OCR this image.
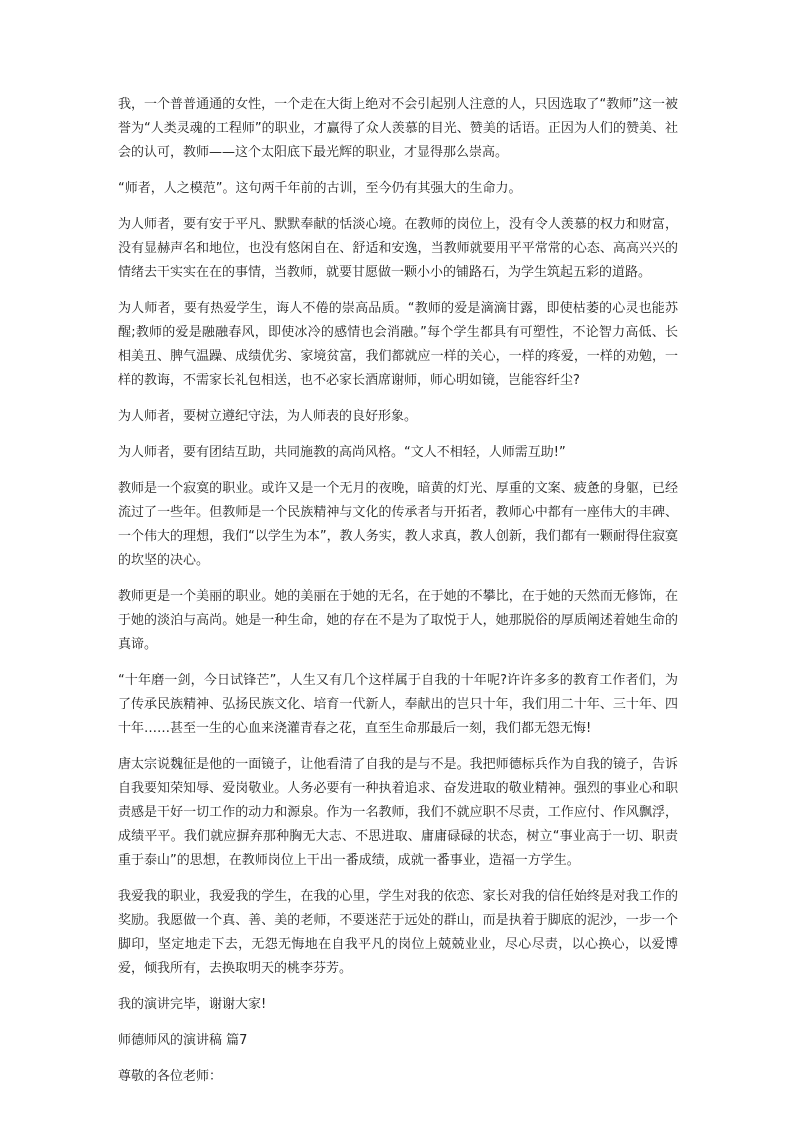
我，一个普普通通的女性，一个走在大街上绝对不会引起别人注意的人，只因选取了“教师”这一被誉为“人类灵魂的工程师”的职业，才赢得了众人羡慕的目光、赞美的话语。正因为人们的赞美、社会的认可，教师——这个太阳底下最光辉的职业，才显得那么崇高。

“师者，人之模范”。这句两千年前的古训，至今仍有其强大的生命力。

为人师者，要有安于平凡、默默奉献的恬淡心境。在教师的岗位上，没有令人羡慕的权力和财富，没有显赫声名和地位，也没有悠闲自在、舒适和安逸，当教师就要用平平常常的心态、高高兴兴的情绪去干实实在在的事情，当教师，就要甘愿做一颗小小的铺路石，为学生筑起五彩的道路。

为人师者，要有热爱学生，诲人不倦的崇高品质。“教师的爱是滴滴甘露，即使枯萎的心灵也能苏醒;教师的爱是融融春风，即使冰冷的感情也会消融。”每个学生都具有可塑性，不论智力高低、长相美丑、脾气温躁、成绩优劣、家境贫富，我们都就应一样的关心，一样的疼爱，一样的劝勉，一样的教诲，不需家长礼包相送，也不必家长酒席谢师，师心明如镜，岂能容纤尘?

为人师者，要树立遵纪守法，为人师表的良好形象。

为人师者，要有团结互助，共同施教的高尚风格。“文人不相轻，人师需互助!”

教师是一个寂寞的职业。或许又是一个无月的夜晚，暗黄的灯光、厚重的文案、疲惫的身躯，已经流过了一些年。但教师是一个民族精神与文化的传承者与开拓者，教师心中都有一座伟大的丰碑、一个伟大的理想，我们“以学生为本”，教人务实，教人求真，教人创新，我们都有一颗耐得住寂寞的坎坚的决心。

教师更是一个美丽的职业。她的美丽在于她的无名，在于她的不攀比，在于她的天然而无修饰，在于她的淡泊与高尚。她是一种生命，她的存在不是为了取悦于人，她那脱俗的厚质阐述着她生命的真谛。

“十年磨一剑，今日试锋芒”，人生又有几个这样属于自我的十年呢?许许多多的教育工作者们，为了传承民族精神、弘扬民族文化、培育一代新人，奉献出的岂只十年，我们用二十年、三十年、四十年……甚至一生的心血来浇灌青春之花，直至生命那最后一刻，我们都无怨无悔!

唐太宗说魏征是他的一面镜子，让他看清了自我的是与不是。我把师德标兵作为自我的镜子，告诉自我要知荣知辱、爱岗敬业。人务必要有一种执着追求、奋发进取的敬业精神。强烈的事业心和职责感是干好一切工作的动力和源泉。作为一名教师，我们不就应职不尽责，工作应付、作风飘浮，成绩平平。我们就应摒弃那种胸无大志、不思进取、庸庸碌碌的状态，树立“事业高于一切、职责重于泰山”的思想，在教师岗位上干出一番成绩，成就一番事业，造福一方学生。

我爱我的职业，我爱我的学生，在我的心里，学生对我的依恋、家长对我的信任始终是对我工作的奖励。我愿做一个真、善、美的老师，不要迷茫于远处的群山，而是执着于脚底的泥沙，一步一个脚印，坚定地走下去，无怨无悔地在自我平凡的岗位上兢兢业业，尽心尽责，以心换心，以爱博爱，倾我所有，去换取明天的桃李芬芳。

我的演讲完毕，谢谢大家!

师德师风的演讲稿 篇7

尊敬的各位老师：
